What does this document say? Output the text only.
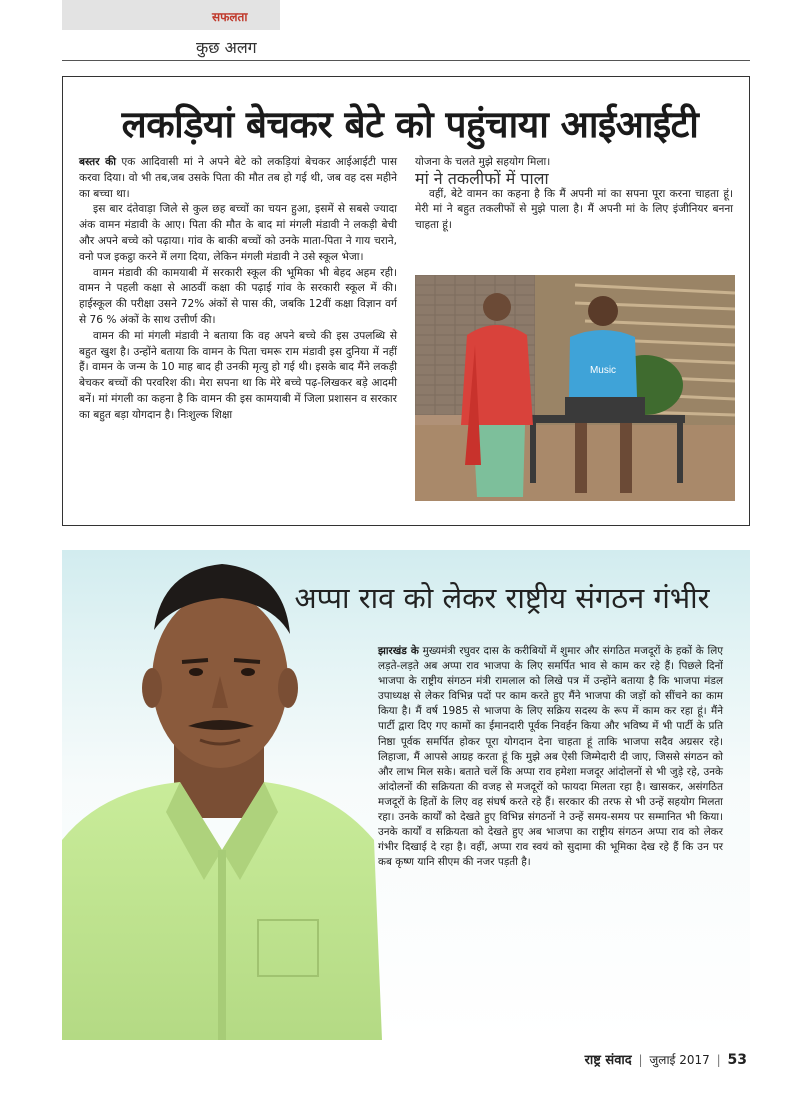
सफलता
कुछ अलग
लकड़ियां बेचकर बेटे को पहुंचाया आईआईटी

बस्तर की एक आदिवासी मां ने अपने बेटे को लकड़ियां बेचकर आईआईटी पास करवा दिया। वो भी तब,जब उसके पिता की मौत तब हो गई थी, जब वह दस महीने का बच्चा था।

इस बार दंतेवाड़ा जिले से कुल छह बच्चों का चयन हुआ, इसमें से सबसे ज्यादा अंक वामन मंडावी के आए। पिता की मौत के बाद मां मंगली मंडावी ने लकड़ी बेची और अपने बच्चे को पढ़ाया। गांव के बाकी बच्चों को उनके माता-पिता ने गाय चराने, वनो पज इकट्ठा करने में लगा दिया, लेकिन मंगली मंडावी ने उसे स्कूल भेजा।

वामन मंडावी की कामयाबी में सरकारी स्कूल की भूमिका भी बेहद अहम रही। वामन ने पहली कक्षा से आठवीं कक्षा की पढ़ाई गांव के सरकारी स्कूल में की। हाईस्कूल की परीक्षा उसने 72% अंकों से पास की, जबकि 12वीं कक्षा विज्ञान वर्ग से 76 % अंकों के साथ उत्तीर्ण की।

वामन की मां मंगली मंडावी ने बताया कि वह अपने बच्चे की इस उपलब्धि से बहुत खुश है। उन्होंने बताया कि वामन के पिता चमरू राम मंडावी इस दुनिया में नहीं हैं। वामन के जन्म के 10 माह बाद ही उनकी मृत्यु हो गई थी। इसके बाद मैंने लकड़ी बेचकर बच्चों की परवरिश की। मेरा सपना था कि मेरे बच्चे पढ़-लिखकर बड़े आदमी बनें। मां मंगली का कहना है कि वामन की इस कामयाबी में जिला प्रशासन व सरकार का बहुत बड़ा योगदान है। निःशुल्क शिक्षा

योजना के चलते मुझे सहयोग मिला।

मां ने तकलीफों में पाला

वहीं, बेटे वामन का कहना है कि मैं अपनी मां का सपना पूरा करना चाहता हूं। मेरी मां ने बहुत तकलीफों से मुझे पाला है। मैं अपनी मां के लिए इंजीनियर बनना चाहता हूं।

Music
अप्पा राव को लेकर राष्ट्रीय संगठन गंभीर
झारखंड के मुख्यमंत्री रघुवर दास के करीबियों में शुमार और संगठित मजदूरों के हकों के लिए लड़ते-लड़ते अब अप्पा राव भाजपा के लिए समर्पित भाव से काम कर रहे हैं। पिछले दिनों भाजपा के राष्ट्रीय संगठन मंत्री रामलाल को लिखे पत्र में उन्होंने बताया है कि भाजपा मंडल उपाध्यक्ष से लेकर विभिन्न पदों पर काम करते हुए मैंने भाजपा की जड़ों को सींचने का काम किया है। मैं वर्ष 1985 से भाजपा के लिए सक्रिय सदस्य के रूप में काम कर रहा हूं। मैंने पार्टी द्वारा दिए गए कामों का ईमानदारी पूर्वक निवर्हन किया और भविष्य में भी पार्टी के प्रति निष्ठा पूर्वक समर्पित होकर पूरा योगदान देना चाहता हूं ताकि भाजपा सदैव अग्रसर रहे। लिहाजा, मैं आपसे आग्रह करता हूं कि मुझे अब ऐसी जिम्मेदारी दी जाए, जिससे संगठन को और लाभ मिल सके। बताते चलें कि अप्पा राव हमेशा मजदूर आंदोलनों से भी जुड़े रहे, उनके आंदोलनों की सक्रियता की वजह से मजदूरों को फायदा मिलता रहा है। खासकर, असंगठित मजदूरों के हितों के लिए वह संघर्ष करते रहे हैं। सरकार की तरफ से भी उन्हें सहयोग मिलता रहा। उनके कार्यों को देखते हुए विभिन्न संगठनों ने उन्हें समय-समय पर सम्मानित भी किया। उनके कार्यों व सक्रियता को देखते हुए अब भाजपा का राष्ट्रीय संगठन अप्पा राव को लेकर गंभीर दिखाई दे रहा है। वहीं, अप्पा राव स्वयं को सुदामा की भूमिका देख रहे हैं कि उन पर कब कृष्ण यानि सीएम की नजर पड़ती है।
राष्ट्र संवाद | जुलाई 2017 | 53
